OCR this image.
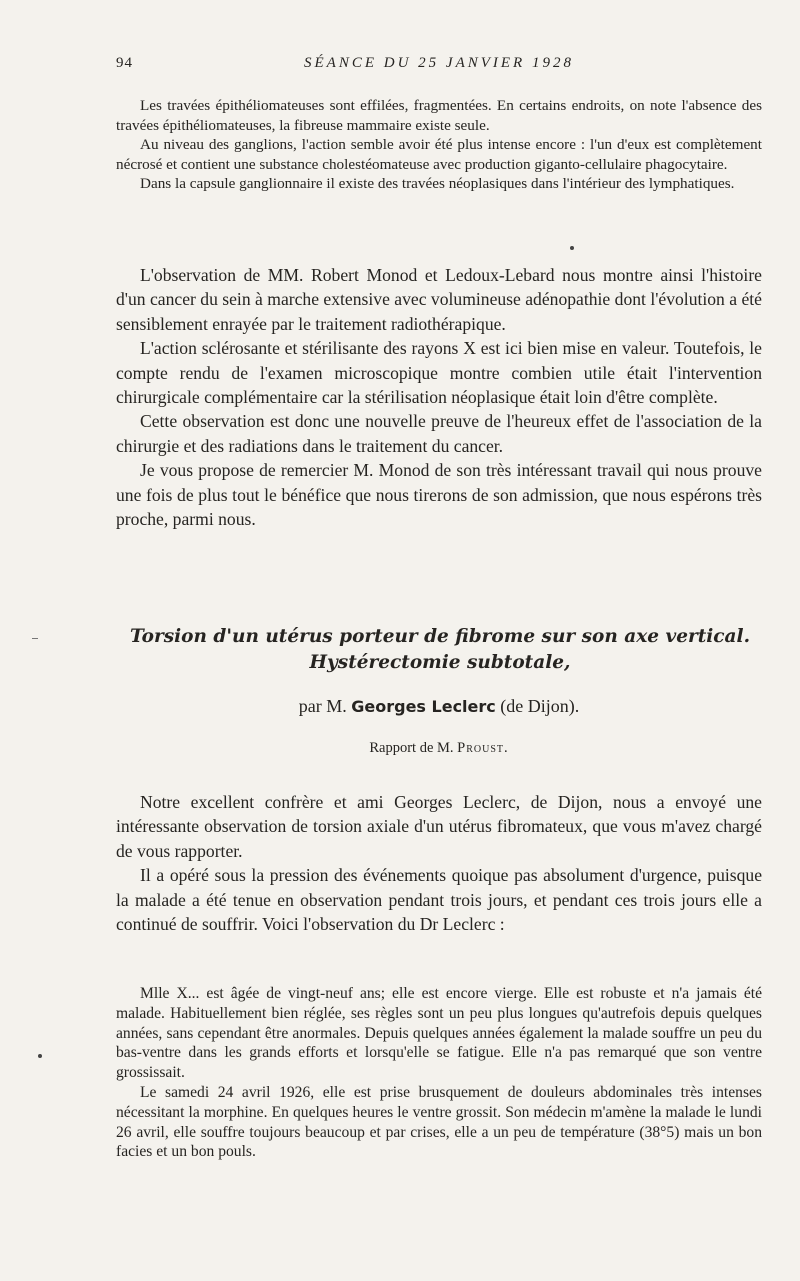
94	SÉANCE DU 25 JANVIER 1928

Les travées épithéliomateuses sont effilées, fragmentées. En certains endroits, on note l'absence des travées épithéliomateuses, la fibreuse mammaire existe seule.

Au niveau des ganglions, l'action semble avoir été plus intense encore : l'un d'eux est complètement nécrosé et contient une substance cholestéomateuse avec production giganto-cellulaire phagocytaire.

Dans la capsule ganglionnaire il existe des travées néoplasiques dans l'intérieur des lymphatiques.

L'observation de MM. Robert Monod et Ledoux-Lebard nous montre ainsi l'histoire d'un cancer du sein à marche extensive avec volumineuse adénopathie dont l'évolution a été sensiblement enrayée par le traitement radiothérapique.

L'action sclérosante et stérilisante des rayons X est ici bien mise en valeur. Toutefois, le compte rendu de l'examen microscopique montre combien utile était l'intervention chirurgicale complémentaire car la stérilisation néoplasique était loin d'être complète.

Cette observation est donc une nouvelle preuve de l'heureux effet de l'association de la chirurgie et des radiations dans le traitement du cancer.

Je vous propose de remercier M. Monod de son très intéressant travail qui nous prouve une fois de plus tout le bénéfice que nous tirerons de son admission, que nous espérons très proche, parmi nous.

Torsion d'un utérus porteur de fibrome sur son axe vertical.
Hystérectomie subtotale,
par M. Georges Leclerc (de Dijon).
Rapport de M. Proust.

Notre excellent confrère et ami Georges Leclerc, de Dijon, nous a envoyé une intéressante observation de torsion axiale d'un utérus fibromateux, que vous m'avez chargé de vous rapporter.

Il a opéré sous la pression des événements quoique pas absolument d'urgence, puisque la malade a été tenue en observation pendant trois jours, et pendant ces trois jours elle a continué de souffrir. Voici l'observation du Dr Leclerc :

Mlle X... est âgée de vingt-neuf ans; elle est encore vierge. Elle est robuste et n'a jamais été malade. Habituellement bien réglée, ses règles sont un peu plus longues qu'autrefois depuis quelques années, sans cependant être anormales. Depuis quelques années également la malade souffre un peu du bas-ventre dans les grands efforts et lorsqu'elle se fatigue. Elle n'a pas remarqué que son ventre grossissait.

Le samedi 24 avril 1926, elle est prise brusquement de douleurs abdominales très intenses nécessitant la morphine. En quelques heures le ventre grossit. Son médecin m'amène la malade le lundi 26 avril, elle souffre toujours beaucoup et par crises, elle a un peu de température (38°5) mais un bon facies et un bon pouls.
